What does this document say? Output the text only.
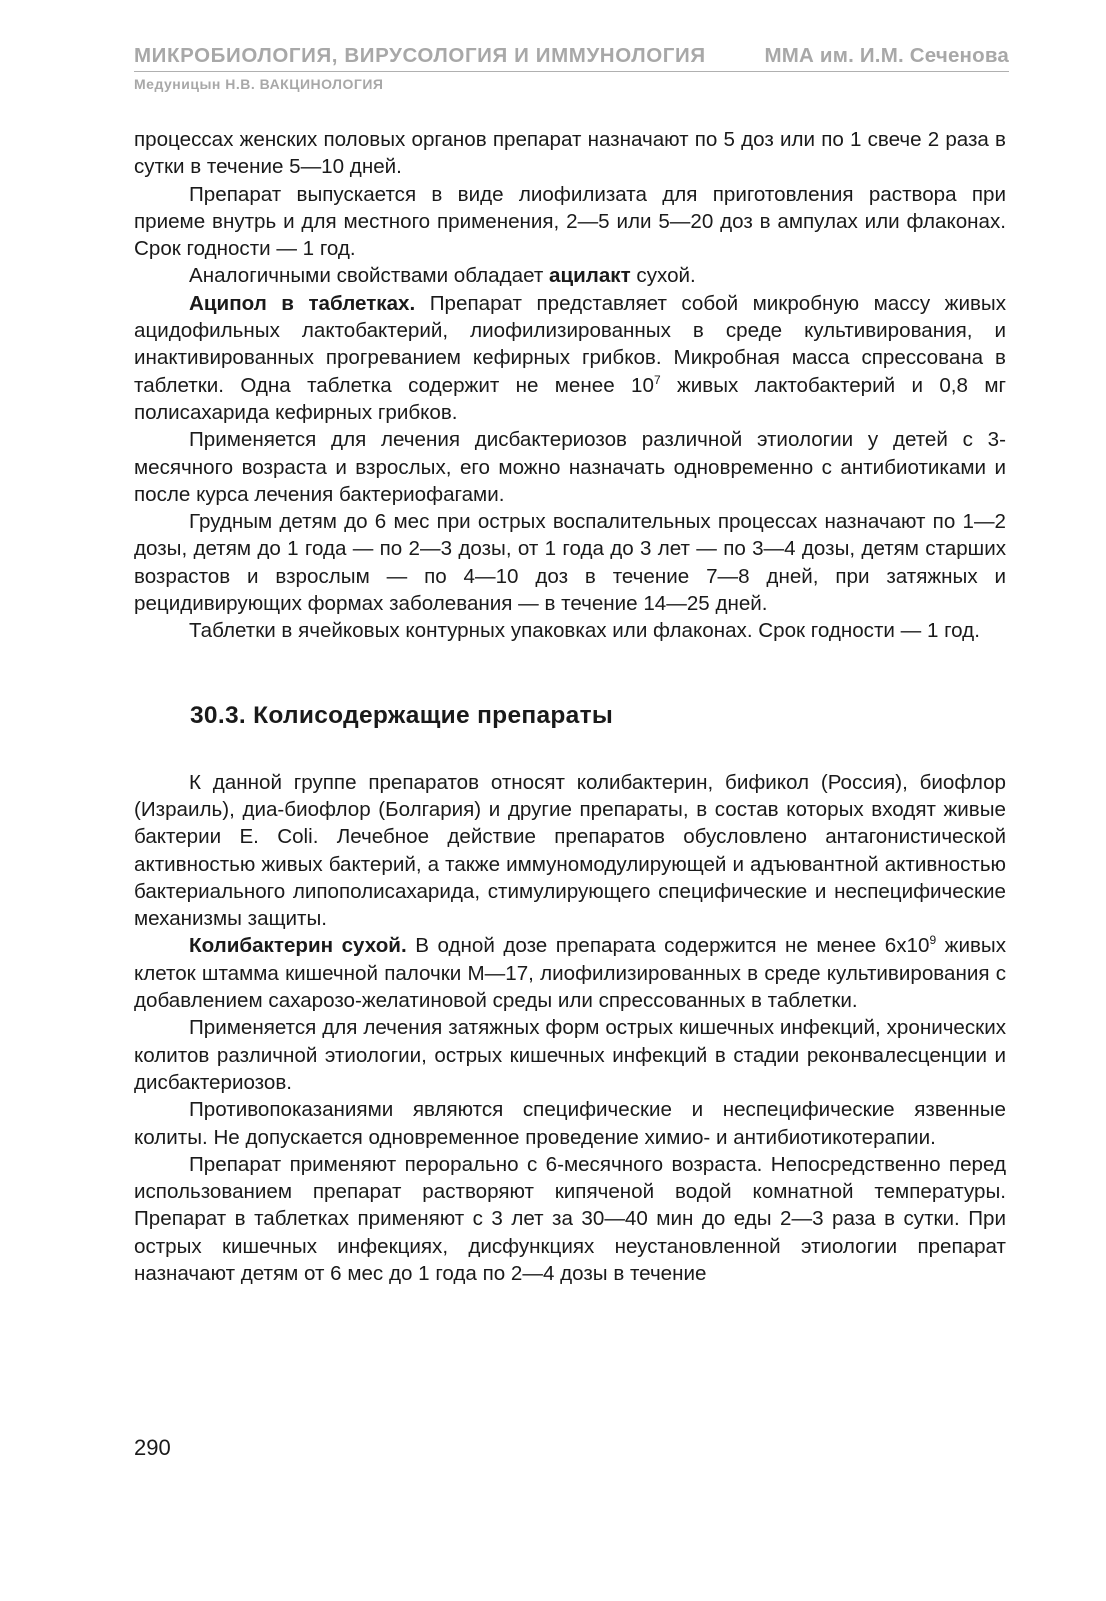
МИКРОБИОЛОГИЯ, ВИРУСОЛОГИЯ И ИММУНОЛОГИЯ	ММА им. И.М. Сеченова
Медуницын Н.В. ВАКЦИНОЛОГИЯ

процессах женских половых органов препарат назначают по 5 доз или по 1 свече 2 раза в сутки в течение 5—10 дней.

Препарат выпускается в виде лиофилизата для приготовления раствора при приеме внутрь и для местного применения, 2—5 или 5—20 доз в ампулах или флаконах. Срок годности — 1 год.

Аналогичными свойствами обладает ацилакт сухой.

Аципол в таблетках. Препарат представляет собой микробную массу живых ацидофильных лактобактерий, лиофилизированных в среде культивирования, и инактивированных прогреванием кефирных грибков. Микробная масса спрессована в таблетки. Одна таблетка содержит не менее $10^7$ живых лактобактерий и 0,8 мг полисахарида кефирных грибков.

Применяется для лечения дисбактериозов различной этиологии у детей с 3-месячного возраста и взрослых, его можно назначать одновременно с антибиотиками и после курса лечения бактериофагами.

Грудным детям до 6 мес при острых воспалительных процессах назначают по 1—2 дозы, детям до 1 года — по 2—3 дозы, от 1 года до 3 лет — по 3—4 дозы, детям старших возрастов и взрослым — по 4—10 доз в течение 7—8 дней, при затяжных и рецидивирующих формах заболевания — в течение 14—25 дней.

Таблетки в ячейковых контурных упаковках или флаконах. Срок годности — 1 год.

30.3. Колисодержащие препараты

К данной группе препаратов относят колибактерин, бификол (Россия), биофлор (Израиль), диа-биофлор (Болгария) и другие препараты, в состав которых входят живые бактерии E. Coli. Лечебное действие препаратов обусловлено антагонистической активностью живых бактерий, а также иммуномодулирующей и адъювантной активностью бактериального липополисахарида, стимулирующего специфические и неспецифические механизмы защиты.

Колибактерин сухой. В одной дозе препарата содержится не менее $6х10^9$ живых клеток штамма кишечной палочки М—17, лиофилизированных в среде культивирования с добавлением сахарозо-желатиновой среды или спрессованных в таблетки.

Применяется для лечения затяжных форм острых кишечных инфекций, хронических колитов различной этиологии, острых кишечных инфекций в стадии реконвалесценции и дисбактериозов.

Противопоказаниями являются специфические и неспецифические язвенные колиты. Не допускается одновременное проведение химио- и антибиотикотерапии.

Препарат применяют перорально с 6-месячного возраста. Непосредственно перед использованием препарат растворяют кипяченой водой комнатной температуры. Препарат в таблетках применяют с 3 лет за 30—40 мин до еды 2—3 раза в сутки. При острых кишечных инфекциях, дисфункциях неустановленной этиологии препарат назначают детям от 6 мес до 1 года по 2—4 дозы в течение

290
